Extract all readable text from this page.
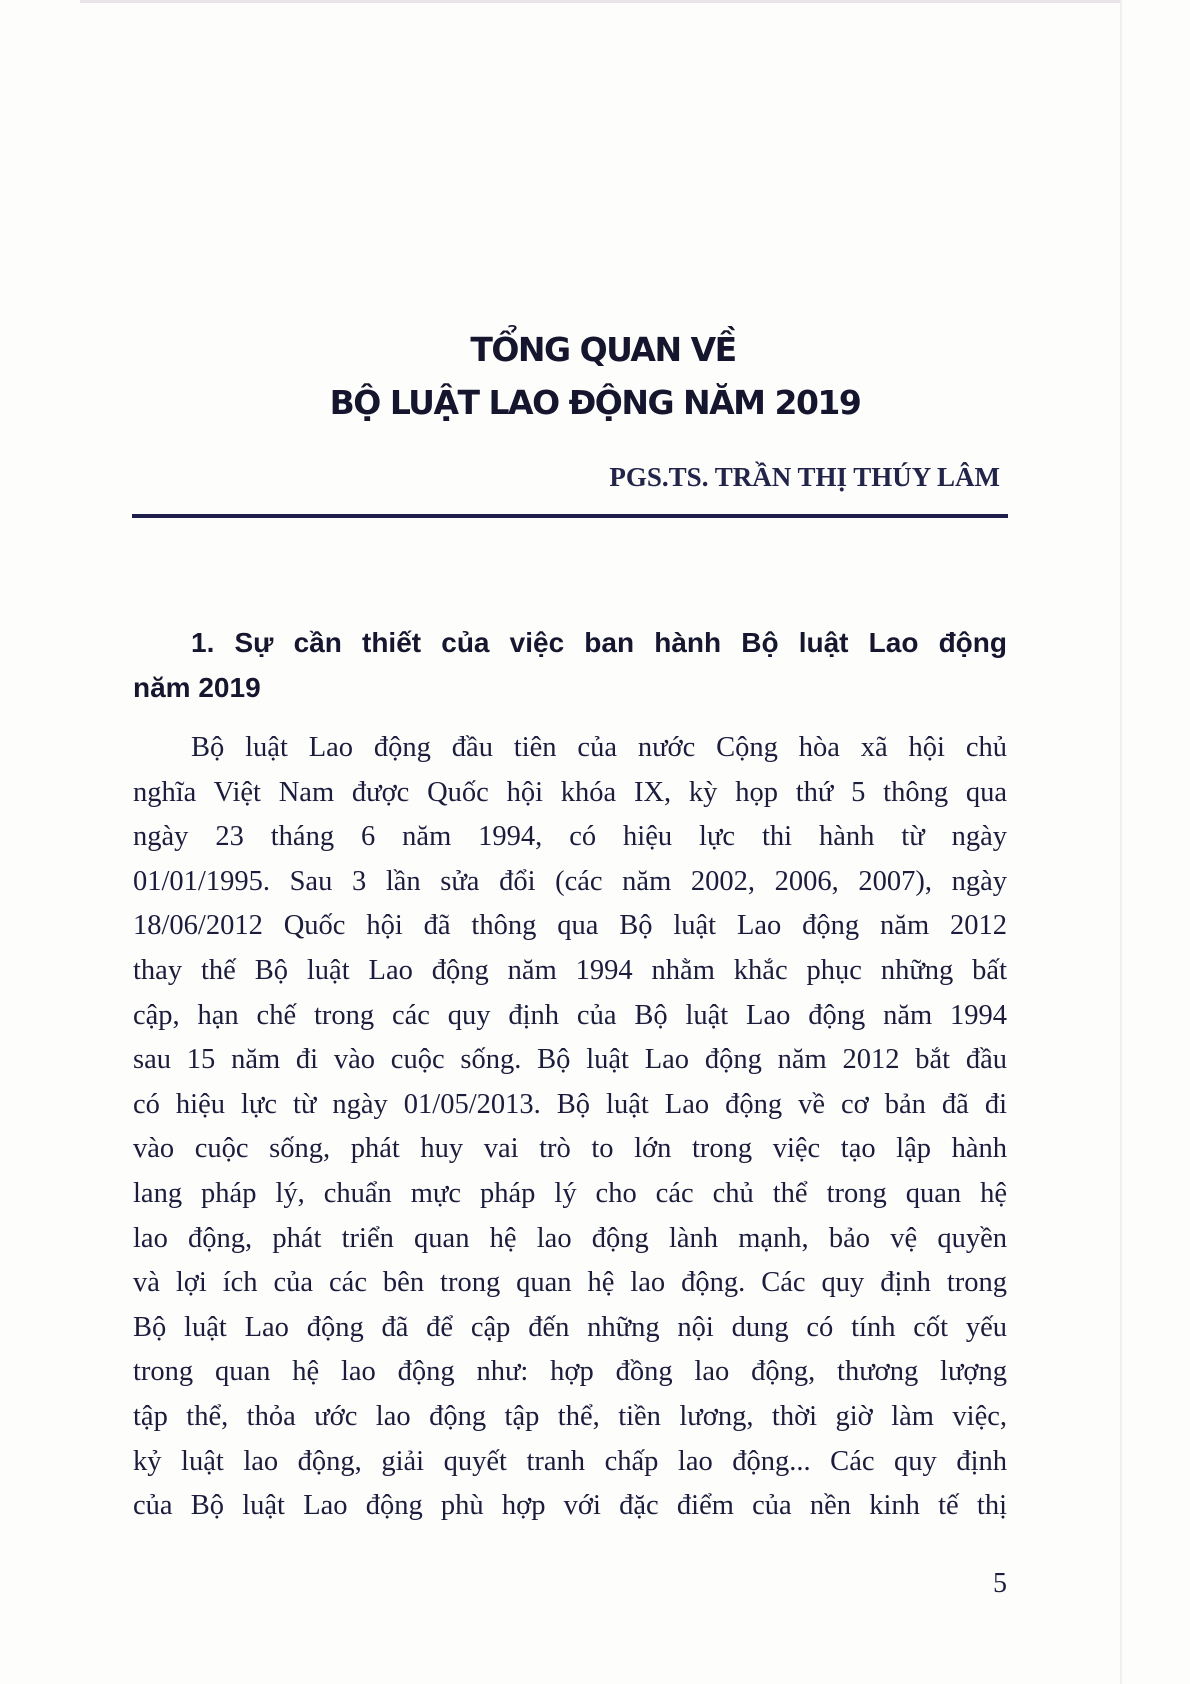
TỔNG QUAN VỀ
BỘ LUẬT LAO ĐỘNG NĂM 2019
PGS.TS. TRẦN THỊ THÚY LÂM
1. Sự cần thiết của việc ban hành Bộ luật Lao động
năm 2019
Bộ luật Lao động đầu tiên của nước Cộng hòa xã hội chủ
nghĩa Việt Nam được Quốc hội khóa IX, kỳ họp thứ 5 thông qua
ngày 23 tháng 6 năm 1994, có hiệu lực thi hành từ ngày
01/01/1995. Sau 3 lần sửa đổi (các năm 2002, 2006, 2007), ngày
18/06/2012 Quốc hội đã thông qua Bộ luật Lao động năm 2012
thay thế Bộ luật Lao động năm 1994 nhằm khắc phục những bất
cập, hạn chế trong các quy định của Bộ luật Lao động năm 1994
sau 15 năm đi vào cuộc sống. Bộ luật Lao động năm 2012 bắt đầu
có hiệu lực từ ngày 01/05/2013. Bộ luật Lao động về cơ bản đã đi
vào cuộc sống, phát huy vai trò to lớn trong việc tạo lập hành
lang pháp lý, chuẩn mực pháp lý cho các chủ thể trong quan hệ
lao động, phát triển quan hệ lao động lành mạnh, bảo vệ quyền
và lợi ích của các bên trong quan hệ lao động. Các quy định trong
Bộ luật Lao động đã để cập đến những nội dung có tính cốt yếu
trong quan hệ lao động như: hợp đồng lao động, thương lượng
tập thể, thỏa ước lao động tập thể, tiền lương, thời giờ làm việc,
kỷ luật lao động, giải quyết tranh chấp lao động... Các quy định
của Bộ luật Lao động phù hợp với đặc điểm của nền kinh tế thị
5
